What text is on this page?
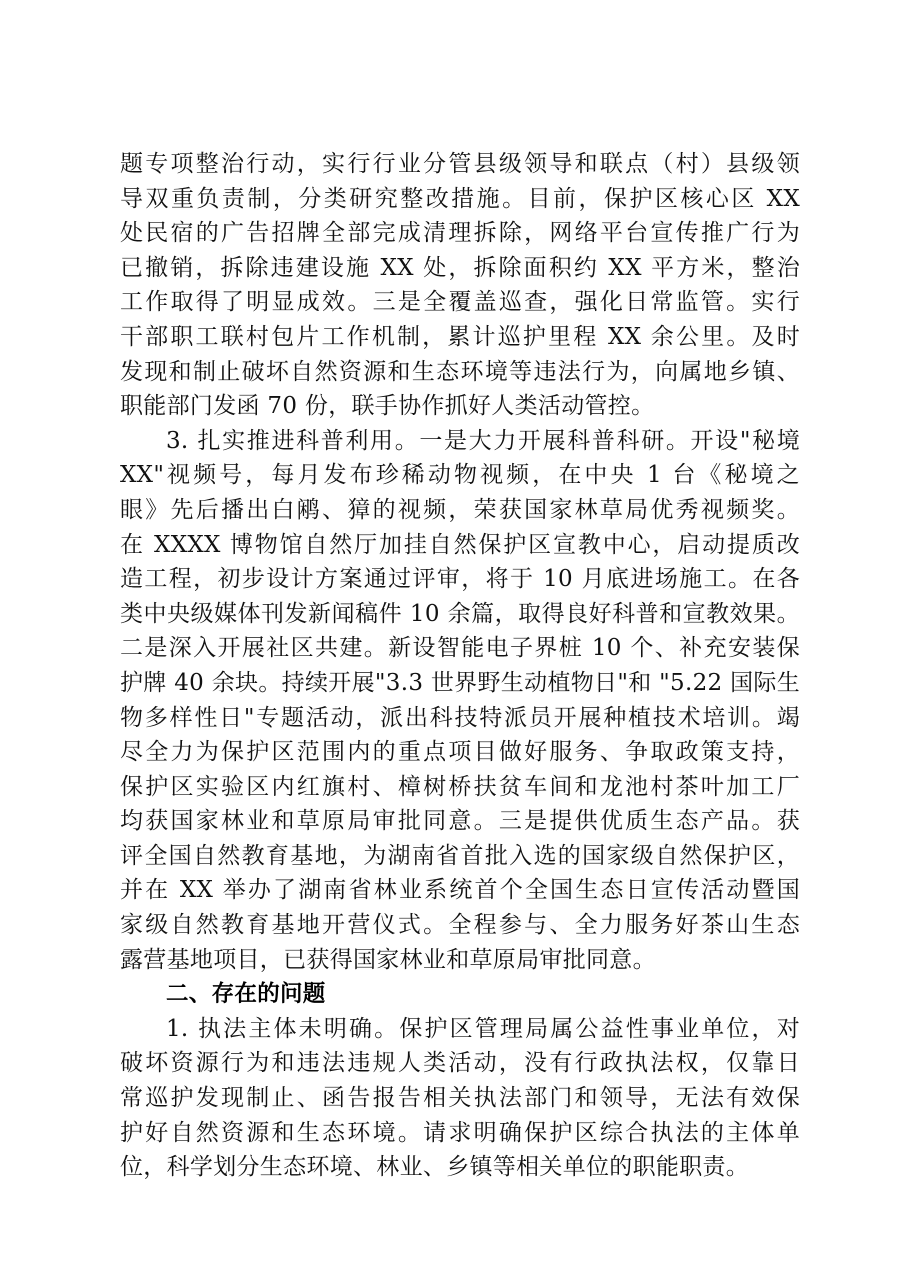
题专项整治行动，实行行业分管县级领导和联点（村）县级领
导双重负责制，分类研究整改措施。目前，保护区核心区 XX
处民宿的广告招牌全部完成清理拆除，网络平台宣传推广行为
已撤销，拆除违建设施 XX 处，拆除面积约 XX 平方米，整治
工作取得了明显成效。三是全覆盖巡查，强化日常监管。实行
干部职工联村包片工作机制，累计巡护里程 XX 余公里。及时
发现和制止破坏自然资源和生态环境等违法行为，向属地乡镇、
职能部门发函 70 份，联手协作抓好人类活动管控。
3. 扎实推进科普利用。一是大力开展科普科研。开设"秘境
XX"视频号，每月发布珍稀动物视频，在中央 1 台《秘境之
眼》先后播出白鹇、獐的视频，荣获国家林草局优秀视频奖。
在 XXXX 博物馆自然厅加挂自然保护区宣教中心，启动提质改
造工程，初步设计方案通过评审，将于 10 月底进场施工。在各
类中央级媒体刊发新闻稿件 10 余篇，取得良好科普和宣教效果。
二是深入开展社区共建。新设智能电子界桩 10 个、补充安装保
护牌 40 余块。持续开展"3.3 世界野生动植物日"和 "5.22 国际生
物多样性日"专题活动，派出科技特派员开展种植技术培训。竭
尽全力为保护区范围内的重点项目做好服务、争取政策支持，
保护区实验区内红旗村、樟树桥扶贫车间和龙池村茶叶加工厂
均获国家林业和草原局审批同意。三是提供优质生态产品。获
评全国自然教育基地，为湖南省首批入选的国家级自然保护区，
并在 XX 举办了湖南省林业系统首个全国生态日宣传活动暨国
家级自然教育基地开营仪式。全程参与、全力服务好茶山生态
露营基地项目，已获得国家林业和草原局审批同意。
二、存在的问题
1. 执法主体未明确。保护区管理局属公益性事业单位，对
破坏资源行为和违法违规人类活动，没有行政执法权，仅靠日
常巡护发现制止、函告报告相关执法部门和领导，无法有效保
护好自然资源和生态环境。请求明确保护区综合执法的主体单
位，科学划分生态环境、林业、乡镇等相关单位的职能职责。
